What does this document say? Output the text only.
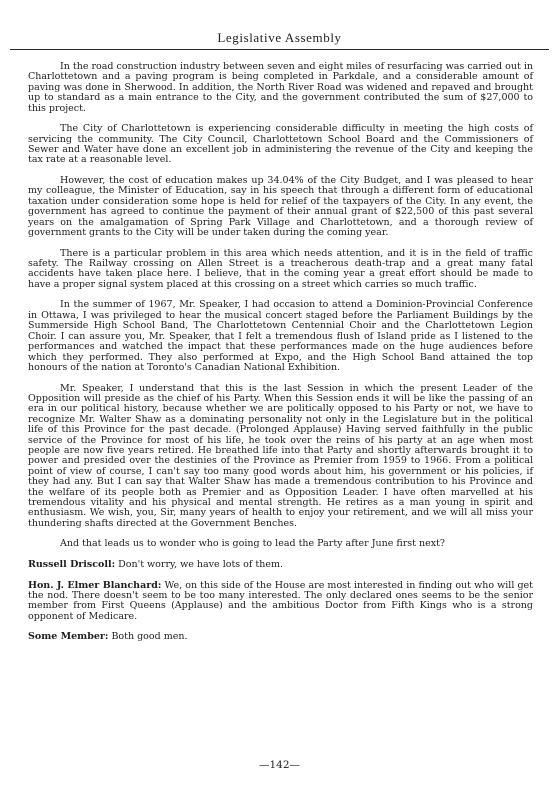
Legislative Assembly

In the road construction industry between seven and eight miles of resurfacing was carried out in Charlottetown and a paving program is being completed in Parkdale, and a considerable amount of paving was done in Sherwood. In addition, the North River Road was widened and repaved and brought up to standard as a main entrance to the City, and the government contributed the sum of $27,000 to this project.

The City of Charlottetown is experiencing considerable difficulty in meeting the high costs of servicing the community. The City Council, Charlottetown School Board and the Commissioners of Sewer and Water have done an excellent job in administering the revenue of the City and keeping the tax rate at a reasonable level.

However, the cost of education makes up 34.04% of the City Budget, and I was pleased to hear my colleague, the Minister of Education, say in his speech that through a different form of educational taxation under consideration some hope is held for relief of the taxpayers of the City. In any event, the government has agreed to continue the payment of their annual grant of $22,500 of this past several years on the amalgamation of Spring Park Village and Charlottetown, and a thorough review of government grants to the City will be under taken during the coming year.

There is a particular problem in this area which needs attention, and it is in the field of traffic safety. The Railway crossing on Allen Street is a treacherous death-trap and a great many fatal accidents have taken place here. I believe, that in the coming year a great effort should be made to have a proper signal system placed at this crossing on a street which carries so much traffic.

In the summer of 1967, Mr. Speaker, I had occasion to attend a Dominion-Provincial Conference in Ottawa, I was privileged to hear the musical concert staged before the Parliament Buildings by the Summerside High School Band, The Charlottetown Centennial Choir and the Charlottetown Legion Choir. I can assure you, Mr. Speaker, that I felt a tremendous flush of Island pride as I listened to the performances and watched the impact that these performances made on the huge audiences before which they performed. They also performed at Expo, and the High School Band attained the top honours of the nation at Toronto's Canadian National Exhibition.

Mr. Speaker, I understand that this is the last Session in which the present Leader of the Opposition will preside as the chief of his Party. When this Session ends it will be like the passing of an era in our political history, because whether we are politically opposed to his Party or not, we have to recognize Mr. Walter Shaw as a dominating personality not only in the Legislature but in the political life of this Province for the past decade. (Prolonged Applause) Having served faithfully in the public service of the Province for most of his life, he took over the reins of his party at an age when most people are now five years retired. He breathed life into that Party and shortly afterwards brought it to power and presided over the destinies of the Province as Premier from 1959 to 1966. From a political point of view of course, I can't say too many good words about him, his government or his policies, if they had any. But I can say that Walter Shaw has made a tremendous contribution to his Province and the welfare of its people both as Premier and as Opposition Leader. I have often marvelled at his tremendous vitality and his physical and mental strength. He retires as a man young in spirit and enthusiasm. We wish, you, Sir, many years of health to enjoy your retirement, and we will all miss your thundering shafts directed at the Government Benches.

And that leads us to wonder who is going to lead the Party after June first next?

Russell Driscoll: Don't worry, we have lots of them.

Hon. J. Elmer Blanchard: We, on this side of the House are most interested in finding out who will get the nod. There doesn't seem to be too many interested. The only declared ones seems to be the senior member from First Queens (Applause) and the ambitious Doctor from Fifth Kings who is a strong opponent of Medicare.

Some Member: Both good men.

—142—
